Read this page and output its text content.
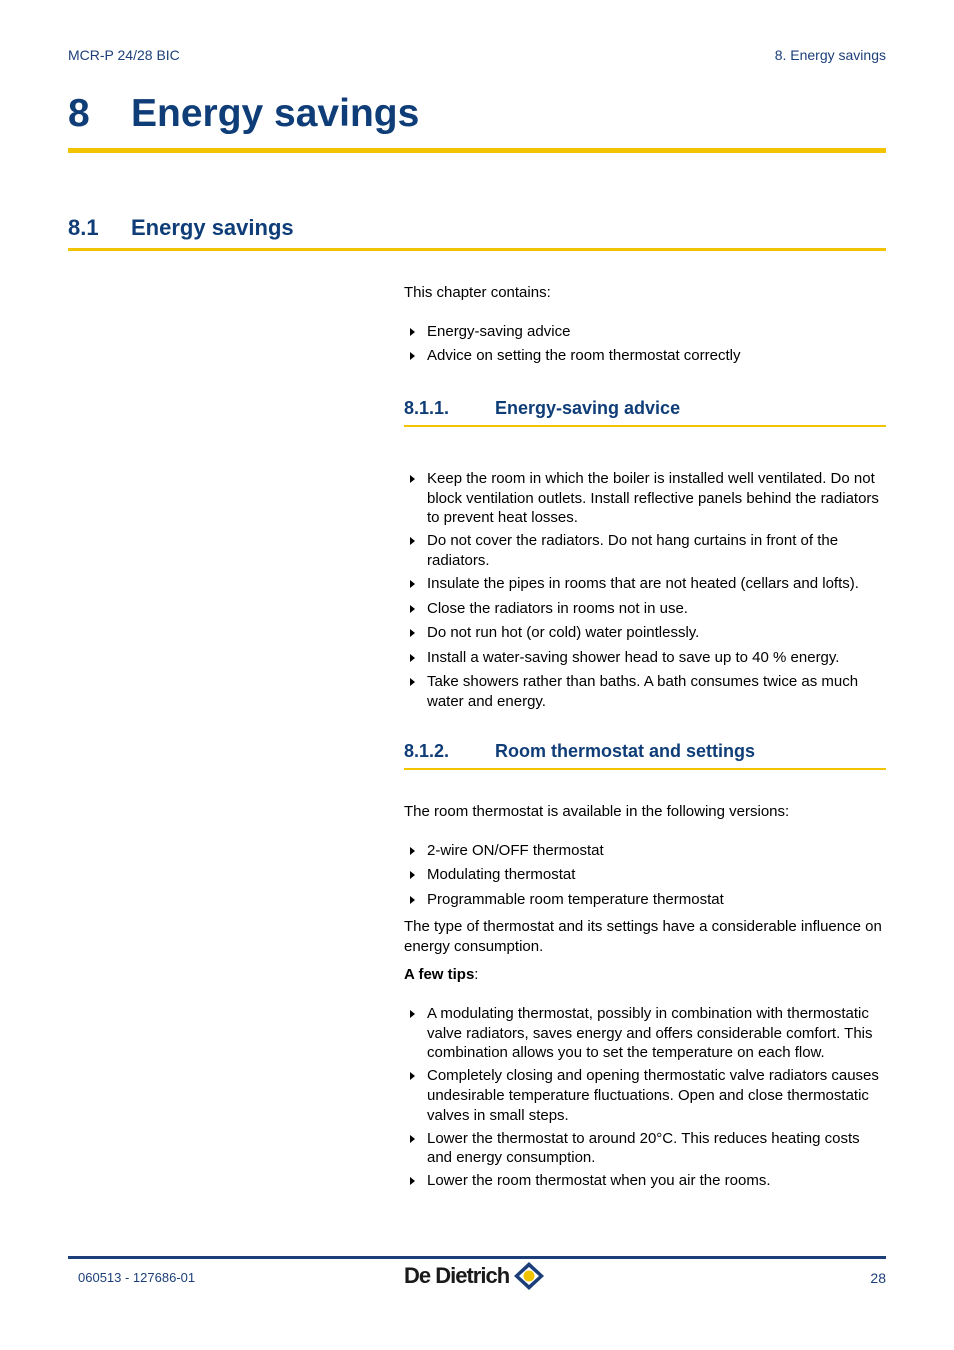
MCR-P 24/28 BIC	8. Energy savings
8 Energy savings
8.1 Energy savings

This chapter contains:

Energy-saving advice
Advice on setting the room thermostat correctly
8.1.1.	Energy-saving advice
Keep the room in which the boiler is installed well ventilated. Do not block ventilation outlets. Install reflective panels behind the radiators to prevent heat losses.
Do not cover the radiators. Do not hang curtains in front of the radiators.
Insulate the pipes in rooms that are not heated (cellars and lofts).
Close the radiators in rooms not in use.
Do not run hot (or cold) water pointlessly.
Install a water-saving shower head to save up to 40 % energy.
Take showers rather than baths. A bath consumes twice as much water and energy.
8.1.2.	Room thermostat and settings

The room thermostat is available in the following versions:

2-wire ON/OFF thermostat
Modulating thermostat
Programmable room temperature thermostat

The type of thermostat and its settings have a considerable influence on energy consumption.

A few tips:

A modulating thermostat, possibly in combination with thermostatic valve radiators, saves energy and offers considerable comfort. This combination allows you to set the temperature on each flow.
Completely closing and opening thermostatic valve radiators causes undesirable temperature fluctuations. Open and close thermostatic valves in small steps.
Lower the thermostat to around 20°C. This reduces heating costs and energy consumption.
Lower the room thermostat when you air the rooms.
060513 - 127686-01	De Dietrich	28
